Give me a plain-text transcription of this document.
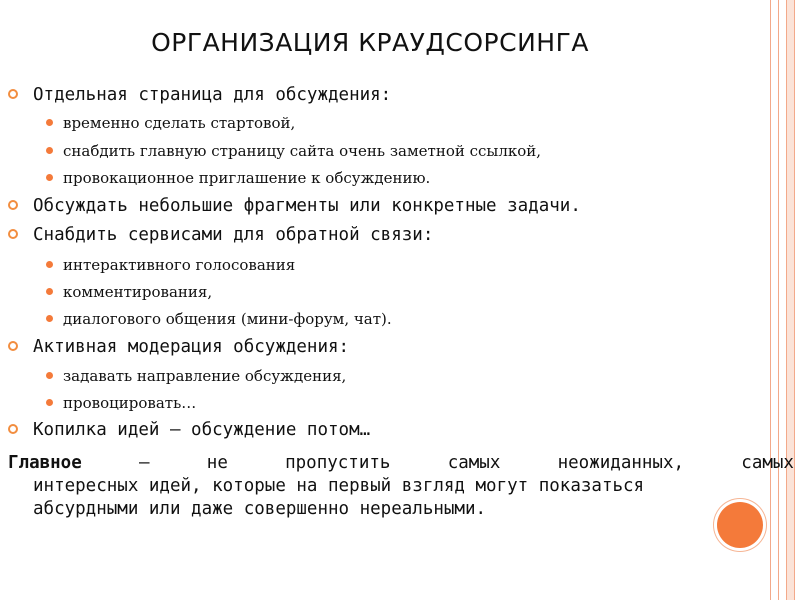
ОРГАНИЗАЦИЯ КРАУДСОРСИНГА
Отдельная страница для обсуждения:
временно сделать стартовой,
снабдить главную страницу сайта очень заметной ссылкой,
провокационное приглашение к обсуждению.
Обсуждать небольшие фрагменты или конкретные задачи.
Снабдить сервисами для обратной связи:
интерактивного голосования
комментирования,
диалогового общения (мини-форум, чат).
Активная модерация обсуждения:
задавать направление обсуждения,
провоцировать…
Копилка идей – обсуждение потом…
Главное	–	не	пропустить	самых	неожиданных,	самых
интересных идей, которые на первый взгляд могут показаться
абсурдными или даже совершенно нереальными.
